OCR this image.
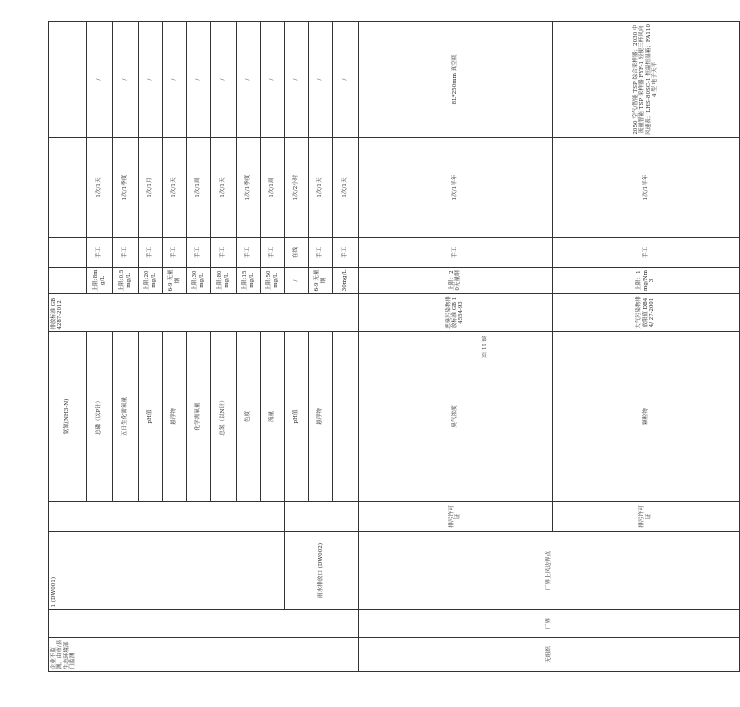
企业不监测，由市/县生态环境部门监测		1 (DW001)		氨氮(NH3-N)	排放标准 GB 4287-2012					
				总磷（以P计）		上限:8mg/L	手工	1次/1天	/	
				五日生化需氧量		上限:0.5mg/L	手工	1次/1季度	/	
				pH值		上限:20mg/L	手工	1次/1月	/	
				悬浮物		6-9 无量纲	手工	1次/1天	/	
				化学需氧量		上限:30mg/L	手工	1次/1周	/	
				总氮（以N计）		上限:80mg/L	手工	1次/1天	/	
				色度		上限:15mg/L	手工	1次/1季度	/	
				流量		上限:50mg/L	手工	1次/1周	/	
		雨水排放口 (DW002)		pH值		/	在线	1次/2小时	/	
				悬浮物		6-9 无量纲	手工	1次/1天	/	
						30mg/L	手工	1次/1天	/	
无组织	厂界	厂界上风边界点	排污许可证	臭气浓度	恶臭污染物排放标准 GB 14554-93	上限：20无量纲	手工	1次/1半年	8L*250mm 真空瓶	
			排污许可证	颗粒物	大气污染物排放限值 DB44/ 27-2001	上限：1mg/Nm3	手工	1次/1半年	2050 空气/智能 TSP 综合采样器；2030 中流量智能 TSP 采样器 FYF-1 轻便三杯风向风速表；LHS-80SC-1 恒温恒湿箱；FA1104 型 电子天平	
第 11 页
